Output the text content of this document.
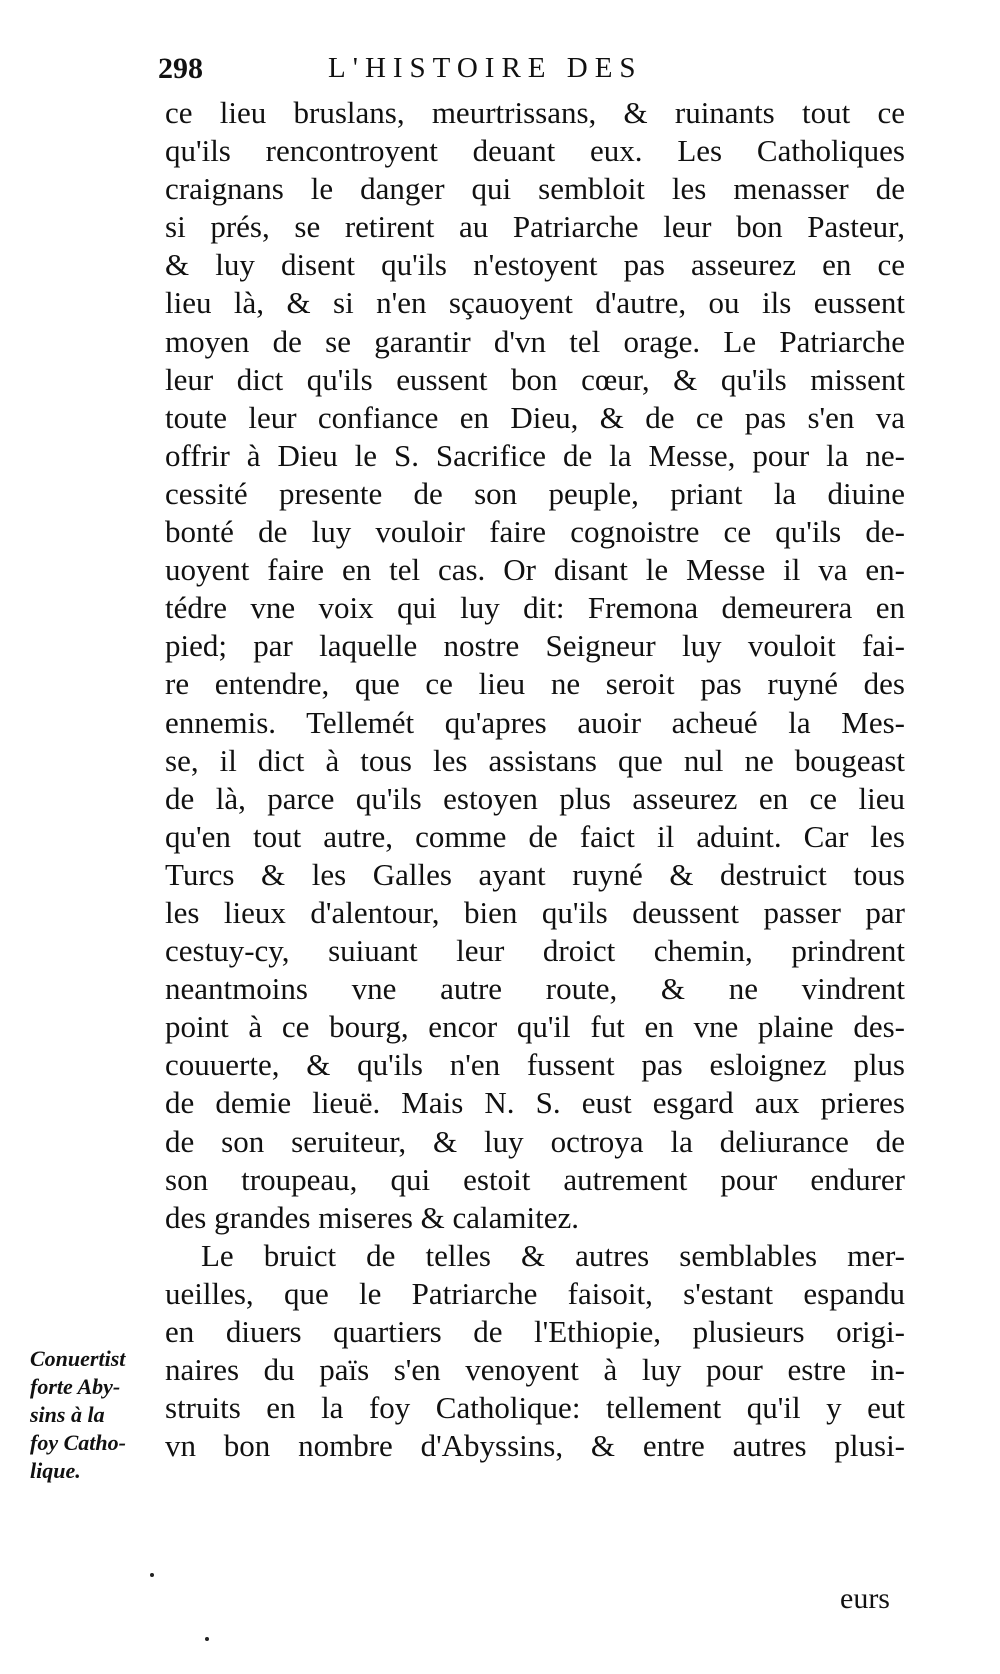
298	L'HISTOIRE DES
ce lieu bruslans, meurtrissans, & ruinants tout ce
qu'ils rencontroyent deuant eux. Les Catholiques
craignans le danger qui sembloit les menasser de
si prés, se retirent au Patriarche leur bon Pasteur,
& luy disent qu'ils n'estoyent pas asseurez en ce
lieu là, & si n'en sçauoyent d'autre, ou ils eussent
moyen de se garantir d'vn tel orage. Le Patriarche
leur dict qu'ils eussent bon cœur, & qu'ils missent
toute leur confiance en Dieu, & de ce pas s'en va
offrir à Dieu le S. Sacrifice de la Messe, pour la ne-
cessité presente de son peuple, priant la diuine
bonté de luy vouloir faire cognoistre ce qu'ils de-
uoyent faire en tel cas. Or disant le Messe il va en-
tédre vne voix qui luy dit: Fremona demeurera en
pied; par laquelle nostre Seigneur luy vouloit fai-
re entendre, que ce lieu ne seroit pas ruyné des
ennemis. Tellemét qu'apres auoir acheué la Mes-
se, il dict à tous les assistans que nul ne bougeast
de là, parce qu'ils estoyen plus asseurez en ce lieu
qu'en tout autre, comme de faict il aduint. Car les
Turcs & les Galles ayant ruyné & destruict tous
les lieux d'alentour, bien qu'ils deussent passer par
cestuy-cy, suiuant leur droict chemin, prindrent
neantmoins vne autre route, & ne vindrent
point à ce bourg, encor qu'il fut en vne plaine des-
couuerte, & qu'ils n'en fussent pas esloignez plus
de demie lieuë. Mais N. S. eust esgard aux prieres
de son seruiteur, & luy octroya la deliurance de
son troupeau, qui estoit autrement pour endurer
des grandes miseres & calamitez.
Le bruict de telles & autres semblables mer-
ueilles, que le Patriarche faisoit, s'estant espandu
en diuers quartiers de l'Ethiopie, plusieurs origi-
naires du païs s'en venoyent à luy pour estre in-
struits en la foy Catholique: tellement qu'il y eut
vn bon nombre d'Abyssins, & entre autres plusi-
Conuertist
forte Aby-
sins à la
foy Catho-
lique.
eurs
